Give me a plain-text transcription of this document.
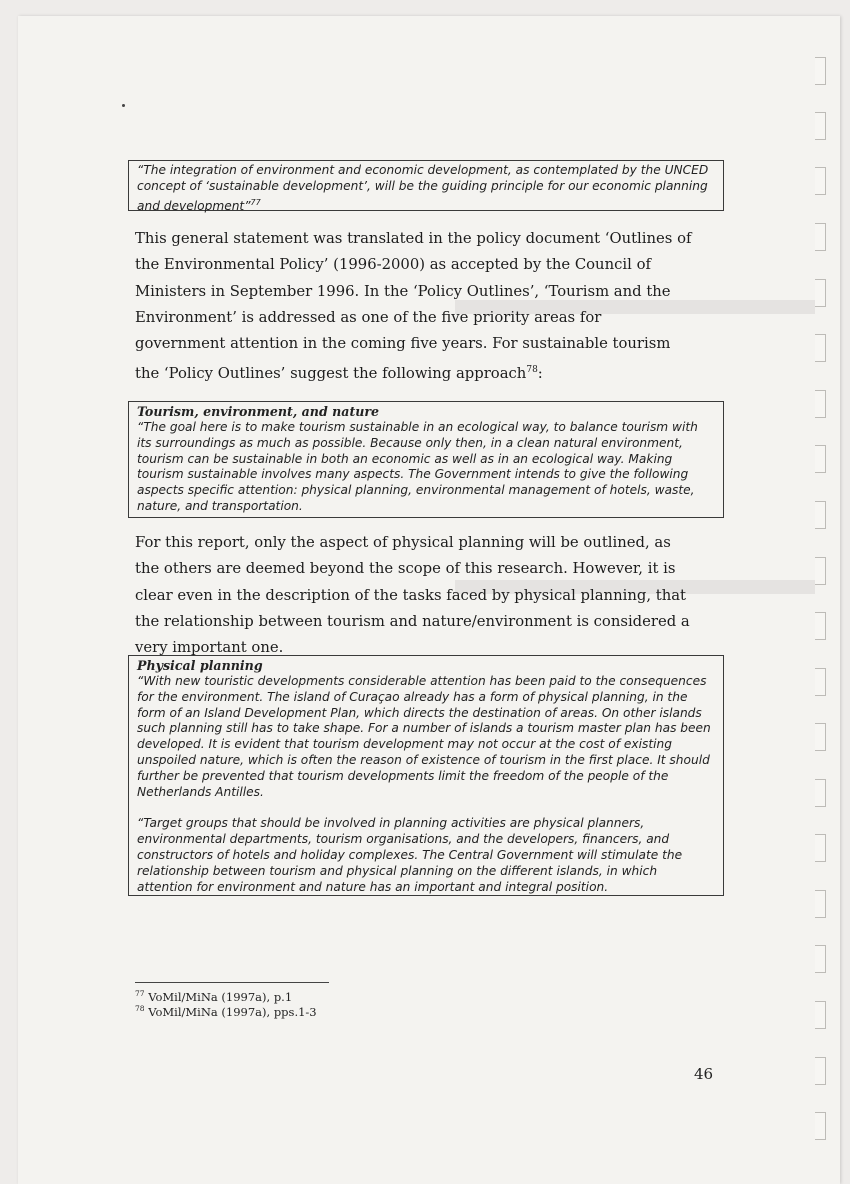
“The integration of environment and economic development, as contemplated by the UNCED concept of ‘sustainable development’, will be the guiding principle for our economic planning and development”$^{77}$
This general statement was translated in the policy document ‘Outlines of the Environmental Policy’ (1996-2000) as accepted by the Council of Ministers in September 1996. In the ‘Policy Outlines’, ‘Tourism and the Environment’ is addressed as one of the five priority areas for government attention in the coming five years. For sustainable tourism the ‘Policy Outlines’ suggest the following approach$^{78}$:
Tourism, environment, and nature
“The goal here is to make tourism sustainable in an ecological way, to balance tourism with its surroundings as much as possible. Because only then, in a clean natural environment, tourism can be sustainable in both an economic as well as in an ecological way. Making tourism sustainable involves many aspects. The Government intends to give the following aspects specific attention: physical planning, environmental management of hotels, waste, nature, and transportation.
For this report, only the aspect of physical planning will be outlined, as the others are deemed beyond the scope of this research. However, it is clear even in the description of the tasks faced by physical planning, that the relationship between tourism and nature/environment is considered a very important one.
Physical planning
“With new touristic developments considerable attention has been paid to the consequences for the environment. The island of Curaçao already has a form of physical planning, in the form of an Island Development Plan, which directs the destination of areas. On other islands such planning still has to take shape. For a number of islands a tourism master plan has been developed. It is evident that tourism development may not occur at the cost of existing unspoiled nature, which is often the reason of existence of tourism in the first place. It should further be prevented that tourism developments limit the freedom of the people of the Netherlands Antilles.
“Target groups that should be involved in planning activities are physical planners, environmental departments, tourism organisations, and the developers, financers, and constructors of hotels and holiday complexes. The Central Government will stimulate the relationship between tourism and physical planning on the different islands, in which attention for environment and nature has an important and integral position.
$^{77}$ VoMil/MiNa (1997a), p.1
$^{78}$ VoMil/MiNa (1997a), pps.1-3
46
